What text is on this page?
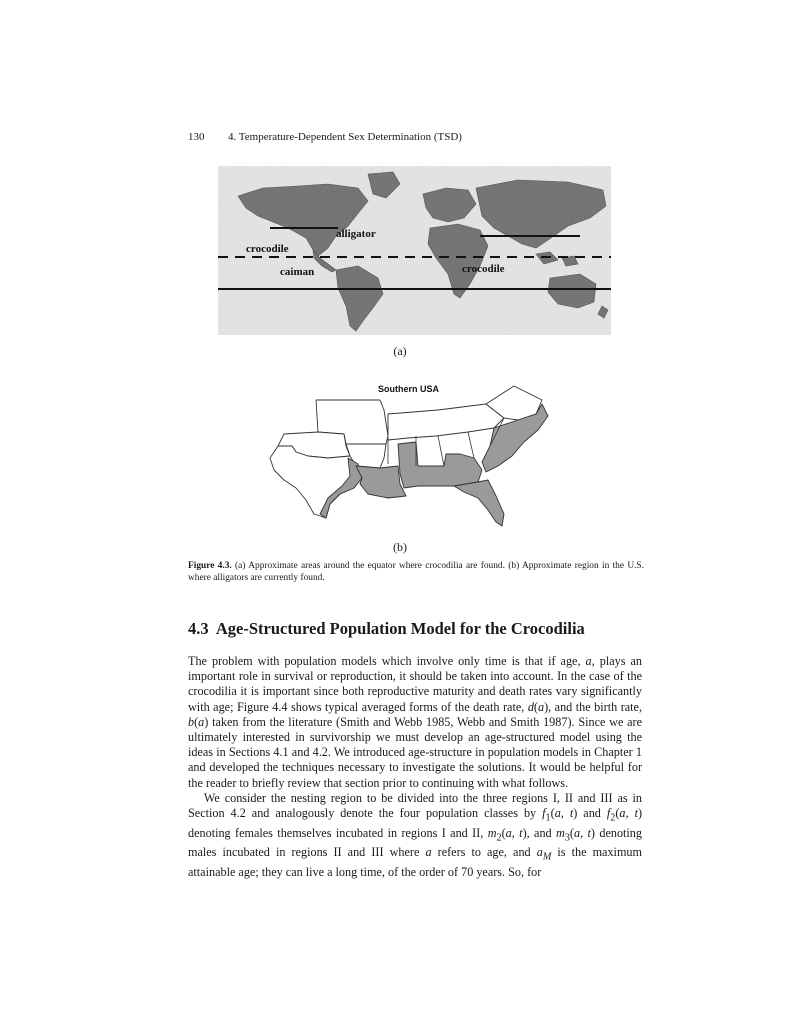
130 4. Temperature-Dependent Sex Determination (TSD)
alligator
crocodile
caiman	crocodile
(a)
Southern USA
(b)
Figure 4.3. (a) Approximate areas around the equator where crocodilia are found. (b) Approximate region in the U.S. where alligators are currently found.
4.3 Age-Structured Population Model for the Crocodilia

The problem with population models which involve only time is that if age, a, plays an important role in survival or reproduction, it should be taken into account. In the case of the crocodilia it is important since both reproductive maturity and death rates vary significantly with age; Figure 4.4 shows typical averaged forms of the death rate, d(a), and the birth rate, b(a) taken from the literature (Smith and Webb 1985, Webb and Smith 1987). Since we are ultimately interested in survivorship we must develop an age-structured model using the ideas in Sections 4.1 and 4.2. We introduced age-structure in population models in Chapter 1 and developed the techniques necessary to investigate the solutions. It would be helpful for the reader to briefly review that section prior to continuing with what follows.

We consider the nesting region to be divided into the three regions I, II and III as in Section 4.2 and analogously denote the four population classes by $f_1(a$, t) and $f_2(a$, t) denoting females themselves incubated in regions I and II, $m_2(a$, t), and $m_3(a$, t) denoting males incubated in regions II and III where a refers to age, and $a_M$ is the maximum attainable age; they can live a long time, of the order of 70 years. So, for
